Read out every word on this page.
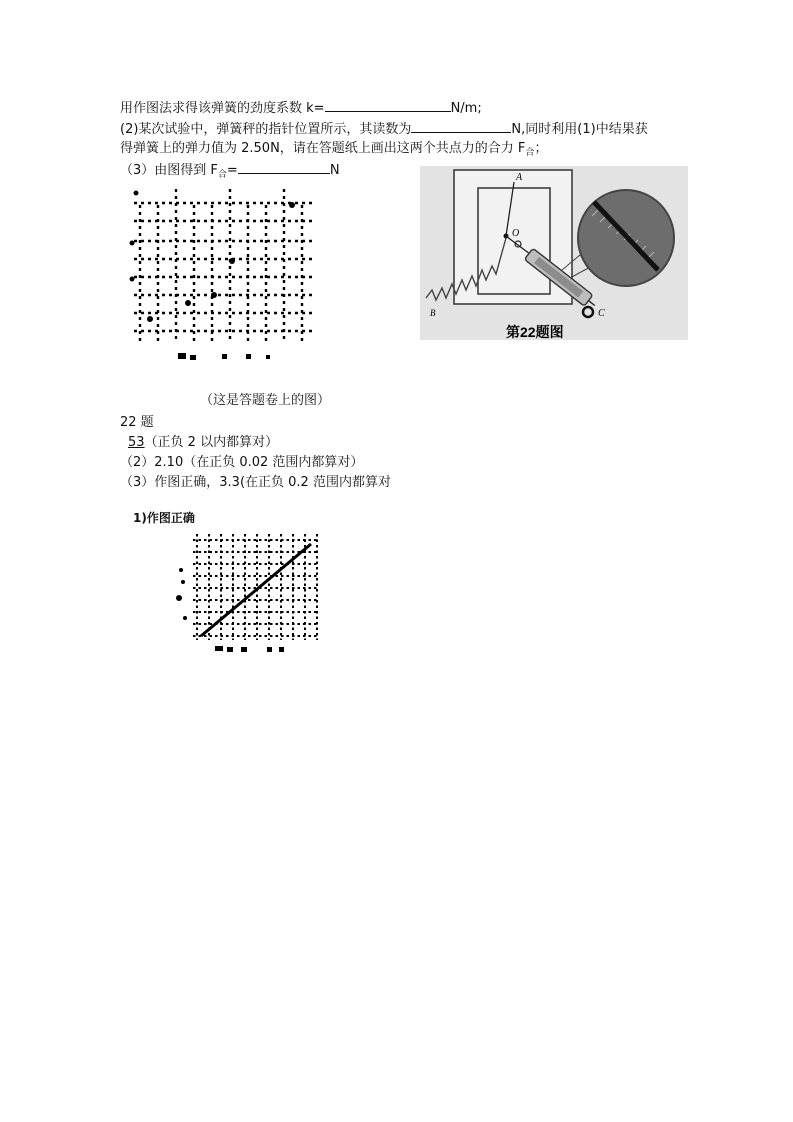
用作图法求得该弹簧的劲度系数 k=	N/m;
(2)某次试验中，弹簧秤的指针位置所示，其读数为	N,同时利用(1)中结果获
得弹簧上的弹力值为 2.50N，请在答题纸上画出这两个共点力的合力 $F_合$；
（3）由图得到 $F_合=$	N	A
B
O
C
第22题图
（这是答题卷上的图）
22 题
53（正负 2 以内都算对）
（2）2.10（在正负 0.02 范围内都算对）
（3）作图正确，3.3(在正负 0.2 范围内都算对
1)作图正确
